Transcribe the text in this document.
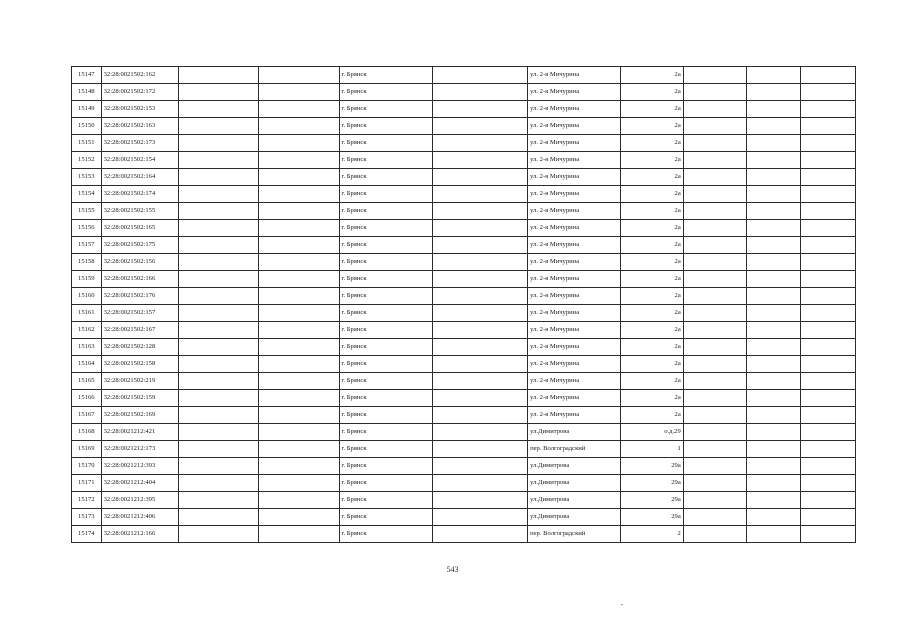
15147	32:28:0021502:162			г. Брянск		ул. 2-я Мичурина	2а			
15148	32:28:0021502:172			г. Брянск		ул. 2-я Мичурина	2а			
15149	32:28:0021502:153			г. Брянск		ул. 2-я Мичурина	2а			
15150	32:28:0021502:163			г. Брянск		ул. 2-я Мичурина	2а			
15151	32:28:0021502:173			г. Брянск		ул. 2-я Мичурина	2а			
15152	32:28:0021502:154			г. Брянск		ул. 2-я Мичурина	2а			
15153	32:28:0021502:164			г. Брянск		ул. 2-я Мичурина	2а			
15154	32:28:0021502:174			г. Брянск		ул. 2-я Мичурина	2а			
15155	32:28:0021502:155			г. Брянск		ул. 2-я Мичурина	2а			
15156	32:28:0021502:165			г. Брянск		ул. 2-я Мичурина	2а			
15157	32:28:0021502:175			г. Брянск		ул. 2-я Мичурина	2а			
15158	32:28:0021502:156			г. Брянск		ул. 2-я Мичурина	2а			
15159	32:28:0021502:166			г. Брянск		ул. 2-я Мичурина	2а			
15160	32:28:0021502:176			г. Брянск		ул. 2-я Мичурина	2а			
15161	32:28:0021502:157			г. Брянск		ул. 2-я Мичурина	2а			
15162	32:28:0021502:167			г. Брянск		ул. 2-я Мичурина	2а			
15163	32:28:0021502:128			г. Брянск		ул. 2-я Мичурина	2а			
15164	32:28:0021502:158			г. Брянск		ул. 2-я Мичурина	2а			
15165	32:28:0021502:219			г. Брянск		ул. 2-я Мичурина	2а			
15166	32:28:0021502:159			г. Брянск		ул. 2-я Мичурина	2а			
15167	32:28:0021502:169			г. Брянск		ул. 2-я Мичурина	2а			
15168	32:28:0021212:421			г. Брянск		ул.Димитрова	о.д.29			
15169	32:28:0021212:173			г. Брянск		пер. Волгоградский	1			
15170	32:28:0021212:393			г. Брянск		ул.Димитрова	29а			
15171	32:28:0021212:404			г. Брянск		ул.Димитрова	29а			
15172	32:28:0021212:395			г. Брянск		ул.Димитрова	29а			
15173	32:28:0021212:406			г. Брянск		ул.Димитрова	29а			
15174	32:28:0021212:166			г. Брянск		пер. Волгоградский	2			
543
